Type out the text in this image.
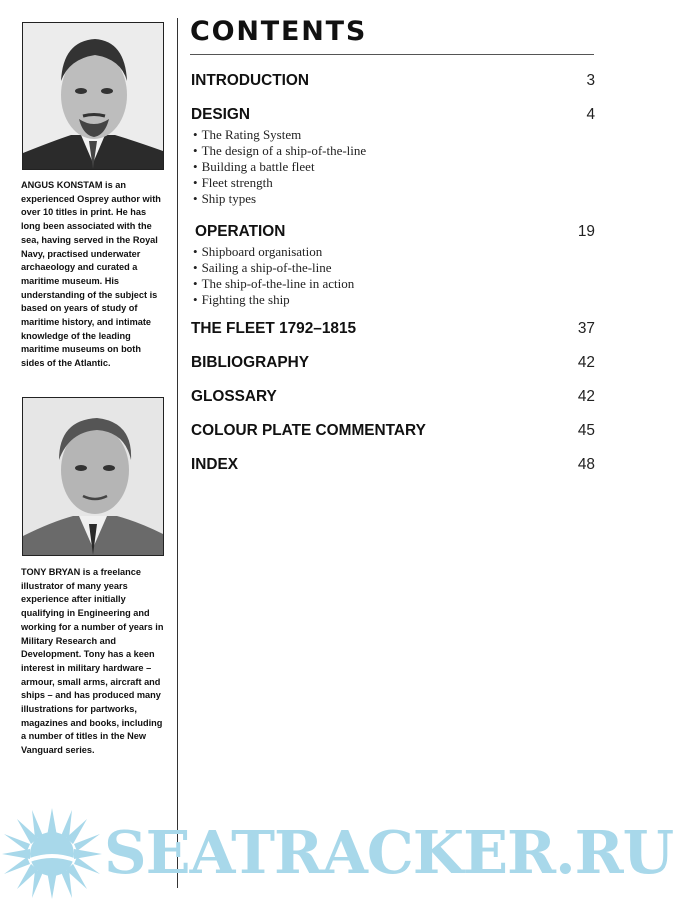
ANGUS KONSTAM is an experienced Osprey author with over 10 titles in print. He has long been associated with the sea, having served in the Royal Navy, practised underwater archaeology and curated a maritime museum. His understanding of the subject is based on years of study of maritime history, and intimate knowledge of the leading maritime museums on both sides of the Atlantic.
TONY BRYAN is a freelance illustrator of many years experience after initially qualifying in Engineering and working for a number of years in Military Research and Development. Tony has a keen interest in military hardware – armour, small arms, aircraft and ships – and has produced many illustrations for partworks, magazines and books, including a number of titles in the New Vanguard series.
CONTENTS
INTRODUCTION	3
DESIGN	4
• The Rating System
• The design of a ship-of-the-line
• Building a battle fleet
• Fleet strength
• Ship types
OPERATION	19
• Shipboard organisation
• Sailing a ship-of-the-line
• The ship-of-the-line in action
• Fighting the ship
THE FLEET 1792–1815	37
BIBLIOGRAPHY	42
GLOSSARY	42
COLOUR PLATE COMMENTARY	45
INDEX	48
SEATRACKER.RU
